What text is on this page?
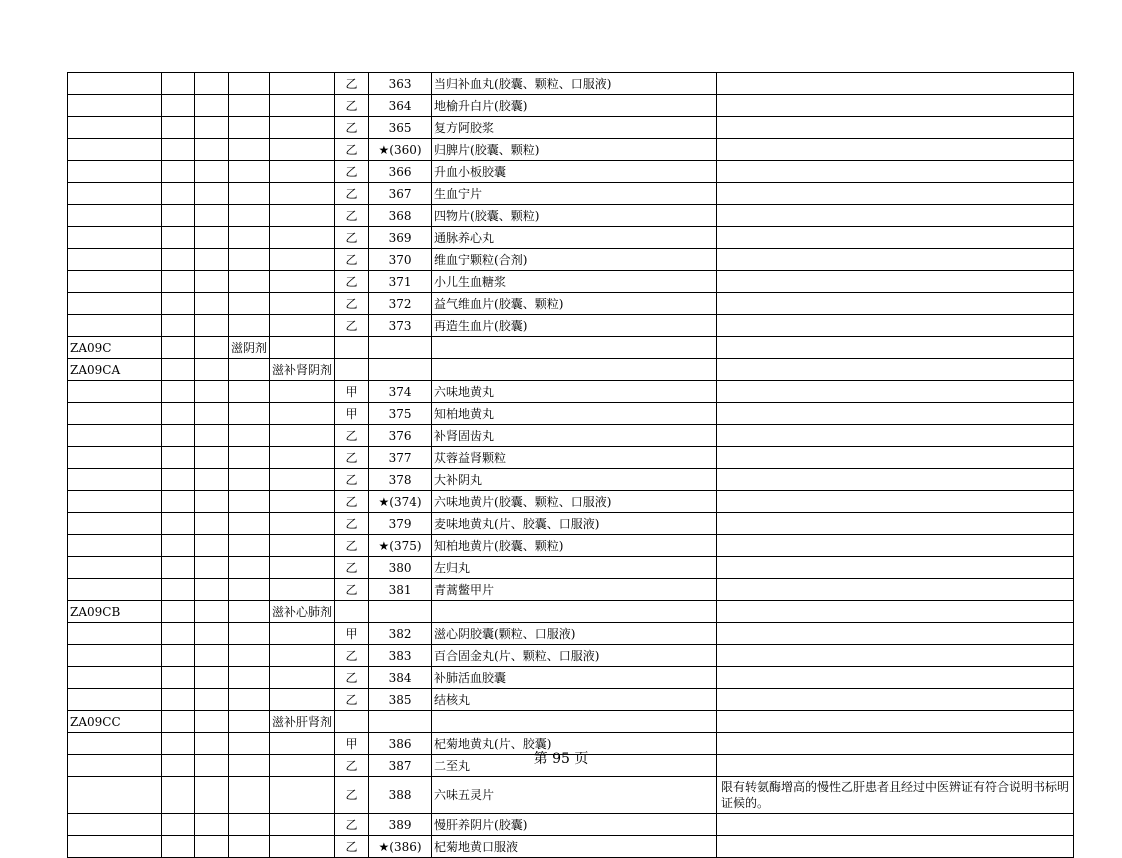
					乙	363	当归补血丸(胶囊、颗粒、口服液)	
					乙	364	地榆升白片(胶囊)	
					乙	365	复方阿胶浆	
					乙	★(360)	归脾片(胶囊、颗粒)	
					乙	366	升血小板胶囊	
					乙	367	生血宁片	
					乙	368	四物片(胶囊、颗粒)	
					乙	369	通脉养心丸	
					乙	370	维血宁颗粒(合剂)	
					乙	371	小儿生血糖浆	
					乙	372	益气维血片(胶囊、颗粒)	
					乙	373	再造生血片(胶囊)	
ZA09C			滋阴剂					
ZA09CA				滋补肾阴剂				
					甲	374	六味地黄丸	
					甲	375	知柏地黄丸	
					乙	376	补肾固齿丸	
					乙	377	苁蓉益肾颗粒	
					乙	378	大补阴丸	
					乙	★(374)	六味地黄片(胶囊、颗粒、口服液)	
					乙	379	麦味地黄丸(片、胶囊、口服液)	
					乙	★(375)	知柏地黄片(胶囊、颗粒)	
					乙	380	左归丸	
					乙	381	青蒿鳖甲片	
ZA09CB				滋补心肺剂				
					甲	382	滋心阴胶囊(颗粒、口服液)	
					乙	383	百合固金丸(片、颗粒、口服液)	
					乙	384	补肺活血胶囊	
					乙	385	结核丸	
ZA09CC				滋补肝肾剂				
					甲	386	杞菊地黄丸(片、胶囊)	
					乙	387	二至丸	
					乙	388	六味五灵片	限有转氨酶增高的慢性乙肝患者且经过中医辨证有符合说明书标明证候的。
					乙	389	慢肝养阴片(胶囊)	
					乙	★(386)	杞菊地黄口服液	
第 95 页
